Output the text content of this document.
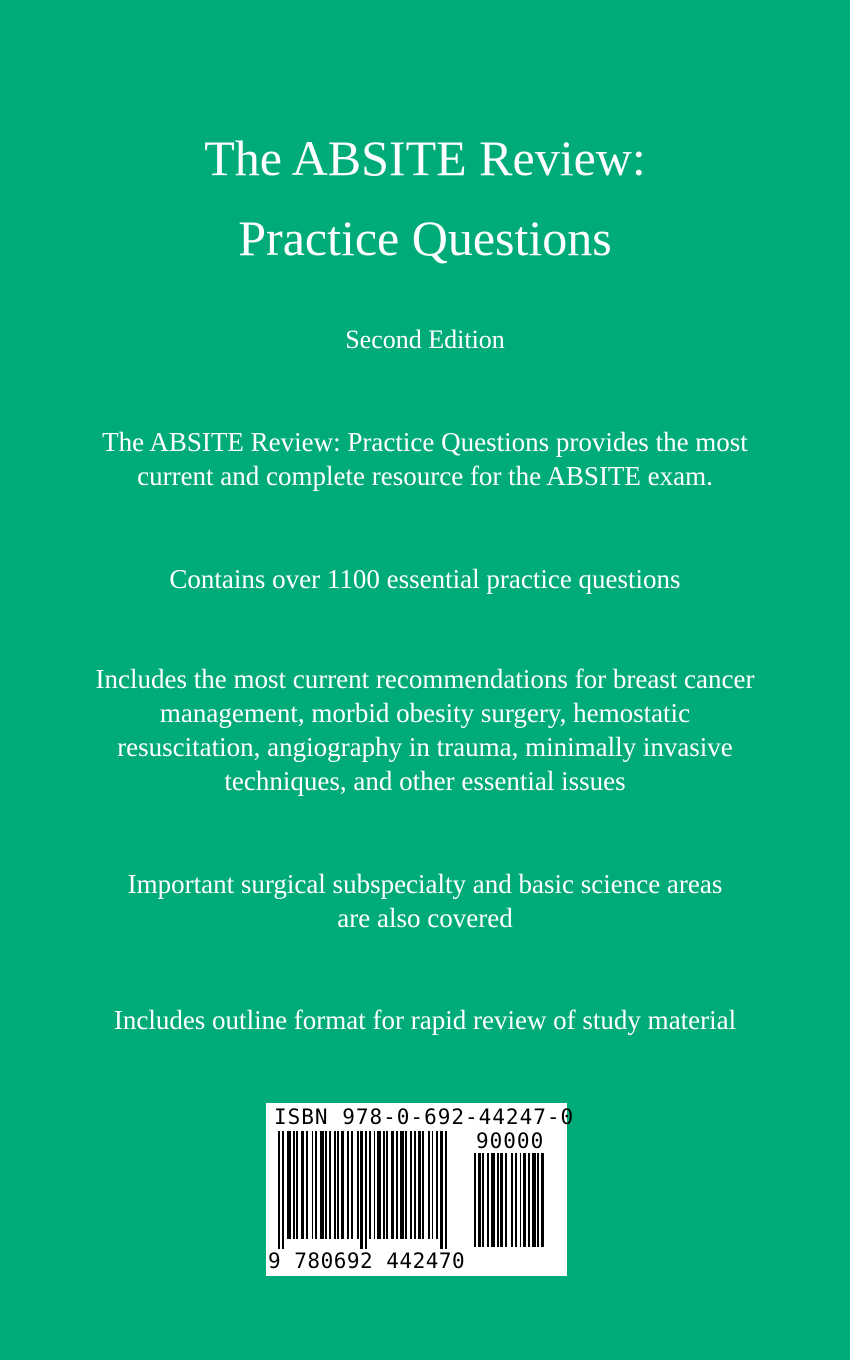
The ABSITE Review:
Practice Questions
Second Edition
The ABSITE Review: Practice Questions provides the most
current and complete resource for the ABSITE exam.
Contains over 1100 essential practice questions
Includes the most current recommendations for breast cancer
management, morbid obesity surgery, hemostatic
resuscitation, angiography in trauma, minimally invasive
techniques, and other essential issues
Important surgical subspecialty and basic science areas
are also covered
Includes outline format for rapid review of study material
ISBN 978-0-692-44247-0
90000
9 780692 442470
